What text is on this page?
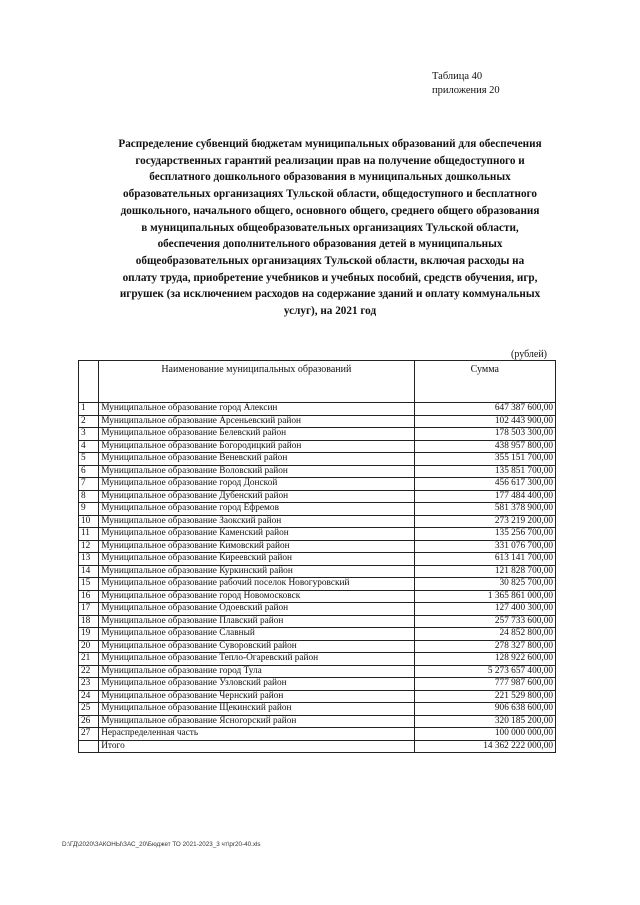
Таблица 40
приложения 20
Распределение субвенций бюджетам муниципальных образований для обеспечения
государственных гарантий реализации прав на получение общедоступного и
бесплатного дошкольного образования в муниципальных дошкольных
образовательных организациях Тульской области, общедоступного и бесплатного
дошкольного, начального общего, основного общего, среднего общего образования
в муниципальных общеобразовательных организациях Тульской области,
обеспечения дополнительного образования детей в муниципальных
общеобразовательных организациях Тульской области, включая расходы на
оплату труда, приобретение учебников и учебных пособий, средств обучения, игр,
игрушек (за исключением расходов на содержание зданий и оплату коммунальных
услуг), на 2021 год
(рублей)
	Наименование муниципальных образований	Сумма
1	Муниципальное образование город Алексин	647 387 600,00
2	Муниципальное образование Арсеньевский район	102 443 900,00
3	Муниципальное образование Белевский район	178 503 300,00
4	Муниципальное образование Богородицкий район	438 957 800,00
5	Муниципальное образование Веневский район	355 151 700,00
6	Муниципальное образование Воловский район	135 851 700,00
7	Муниципальное образование город Донской	456 617 300,00
8	Муниципальное образование Дубенский район	177 484 400,00
9	Муниципальное образование город Ефремов	581 378 900,00
10	Муниципальное образование Заокский район	273 219 200,00
11	Муниципальное образование Каменский район	135 256 700,00
12	Муниципальное образование Кимовский район	331 076 700,00
13	Муниципальное образование Киреевский район	613 141 700,00
14	Муниципальное образование Куркинский район	121 828 700,00
15	Муниципальное образование рабочий поселок Новогуровский	30 825 700,00
16	Муниципальное образование город Новомосковск	1 365 861 000,00
17	Муниципальное образование Одоевский район	127 400 300,00
18	Муниципальное образование Плавский район	257 733 600,00
19	Муниципальное образование Славный	24 852 800,00
20	Муниципальное образование Суворовский район	278 327 800,00
21	Муниципальное образование Тепло-Огаревский район	128 922 600,00
22	Муниципальное образование город Тула	5 273 657 400,00
23	Муниципальное образование Узловский район	777 987 600,00
24	Муниципальное образование Чернский район	221 529 800,00
25	Муниципальное образование Щекинский район	906 638 600,00
26	Муниципальное образование Ясногорский район	320 185 200,00
27	Нераспределенная часть	100 000 000,00
	Итого	14 362 222 000,00
D:\ГД\2020\ЗАКОНЫ\ЗАС_20\Бюджет ТО 2021-2023_3 чт\pr20-40.xls
